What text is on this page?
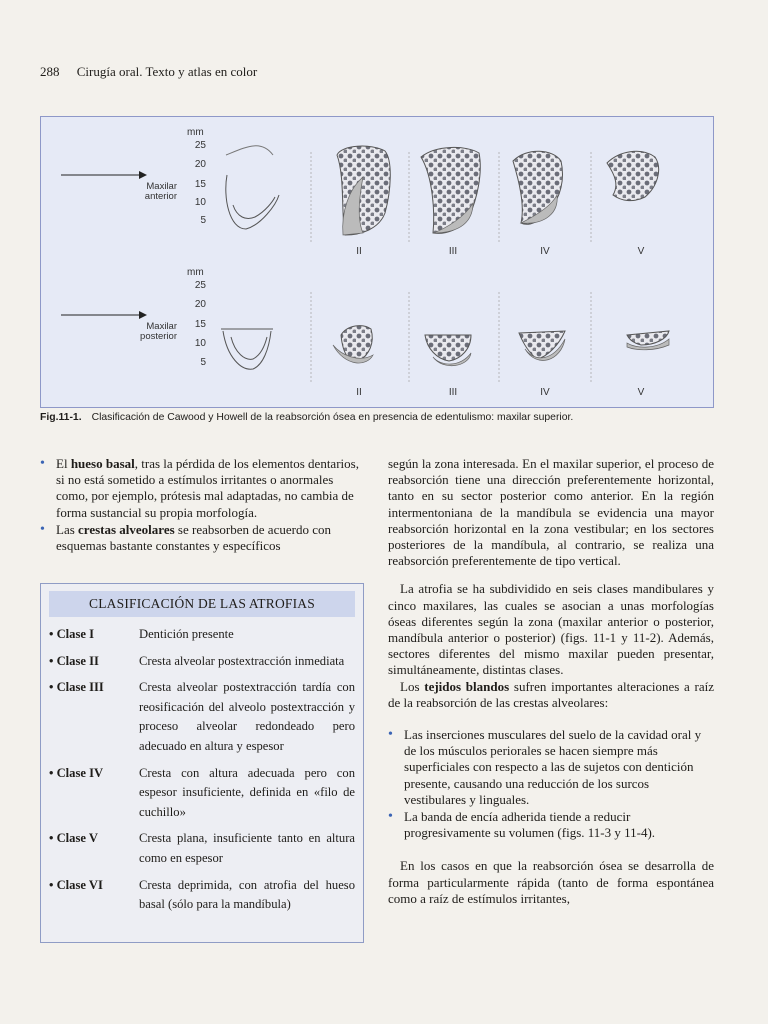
288 Cirugía oral. Texto y atlas en color
mm
25
20
15
10
5
Maxilar
anterior
II	III	IV	V
mm
25
20
15
10
5
Maxilar
posterior
II	III	IV	V
Fig.11-1. Clasificación de Cawood y Howell de la reabsorción ósea en presencia de edentulismo: maxilar superior.
• El hueso basal, tras la pérdida de los elementos dentarios, si no está sometido a estímulos irritantes o anormales como, por ejemplo, prótesis mal adaptadas, no cambia de forma sustancial su propia morfología.
• Las crestas alveolares se reabsorben de acuerdo con esquemas bastante constantes y específicos
CLASIFICACIÓN DE LAS ATROFIAS
• Clase I	Dentición presente
• Clase II	Cresta alveolar postextracción inmediata
• Clase III	Cresta alveolar postextracción tardía con reosificación del alveolo postextracción y proceso alveolar redondeado pero adecuado en altura y espesor
• Clase IV	Cresta con altura adecuada pero con espesor insuficiente, definida en «filo de cuchillo»
• Clase V	Cresta plana, insuficiente tanto en altura como en espesor
• Clase VI	Cresta deprimida, con atrofia del hueso basal (sólo para la mandíbula)

según la zona interesada. En el maxilar superior, el proceso de reabsorción tiene una dirección preferentemente horizontal, tanto en su sector posterior como anterior. En la región intermentoniana de la mandíbula se evidencia una mayor reabsorción horizontal en la zona vestibular; en los sectores posteriores de la mandíbula, al contrario, se realiza una reabsorción preferentemente de tipo vertical.

La atrofia se ha subdividido en seis clases mandibulares y cinco maxilares, las cuales se asocian a unas morfologías óseas diferentes según la zona (maxilar anterior o posterior, mandíbula anterior o posterior) (figs. 11-1 y 11-2). Además, sectores diferentes del mismo maxilar pueden presentar, simultáneamente, distintas clases.

Los tejidos blandos sufren importantes alteraciones a raíz de la reabsorción de las crestas alveolares:

• Las inserciones musculares del suelo de la cavidad oral y de los músculos periorales se hacen siempre más superficiales con respecto a las de sujetos con dentición presente, causando una reducción de los surcos vestibulares y linguales.
• La banda de encía adherida tiende a reducir progresivamente su volumen (figs. 11-3 y 11-4).

En los casos en que la reabsorción ósea se desarrolla de forma particularmente rápida (tanto de forma espontánea como a raíz de estímulos irritantes,
